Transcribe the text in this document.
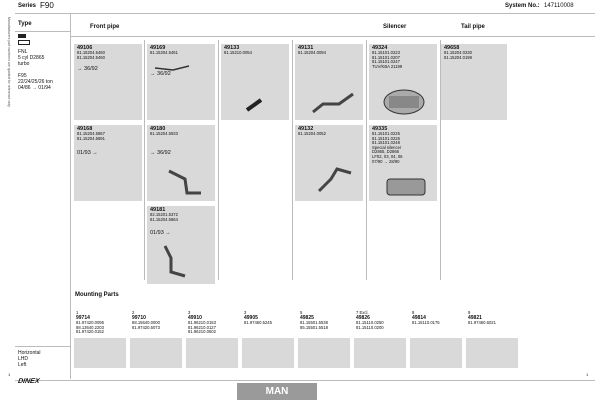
Manufacturers part numbers are quoted for reference only
Series F90	System No.: 147110008
Type	Front pipe	Silencer	Tail pipe
FNL
5 cyl D2865
turbo
F95
22/24/25/26 ton
04/86 → 01/94
Horizontal
LHD
Left
49106
81.15204.5460
81.15204.5460
→ 36/92
49169
81.15204.5461
→ 36/92
49133
81.15210.0054
49131
81.15204.0094
49324
81.15101.0223
81.15101.0207
81.15101.0247
TUV/KBA 21199
49658
81.15204.0230
81.15204.0198
49168
81.15204.5867
81.15204.5891
01/93 →
49180
81.15204.5933
→ 36/92
49132
81.15204.0052
49335
81.15101.0225
81.15101.0226
81.15101.0248
Special silencer
D2865, D2866
LF02, 03, 04, 06
07/90 → 28/90
49181
82.15201.5372
81.15204.5864
01/93 →
Mounting Parts
1
99714
81.97420.0095
88.13640.2203
81.97420.0152
2
99710
88.15640.0000
81.97420.5073
3
49910
81.96210.0153
81.96210.0127
81.96210.0602
3
49905
81.97460.5245
5
49825
81.15501.5538
85.15501.5518
7 Excl.
49826
81.15110.0250
81.15110.0200
8
49814
81.15110.0175
9
49821
81.97460.6021
1	1
DINEX
MAN
